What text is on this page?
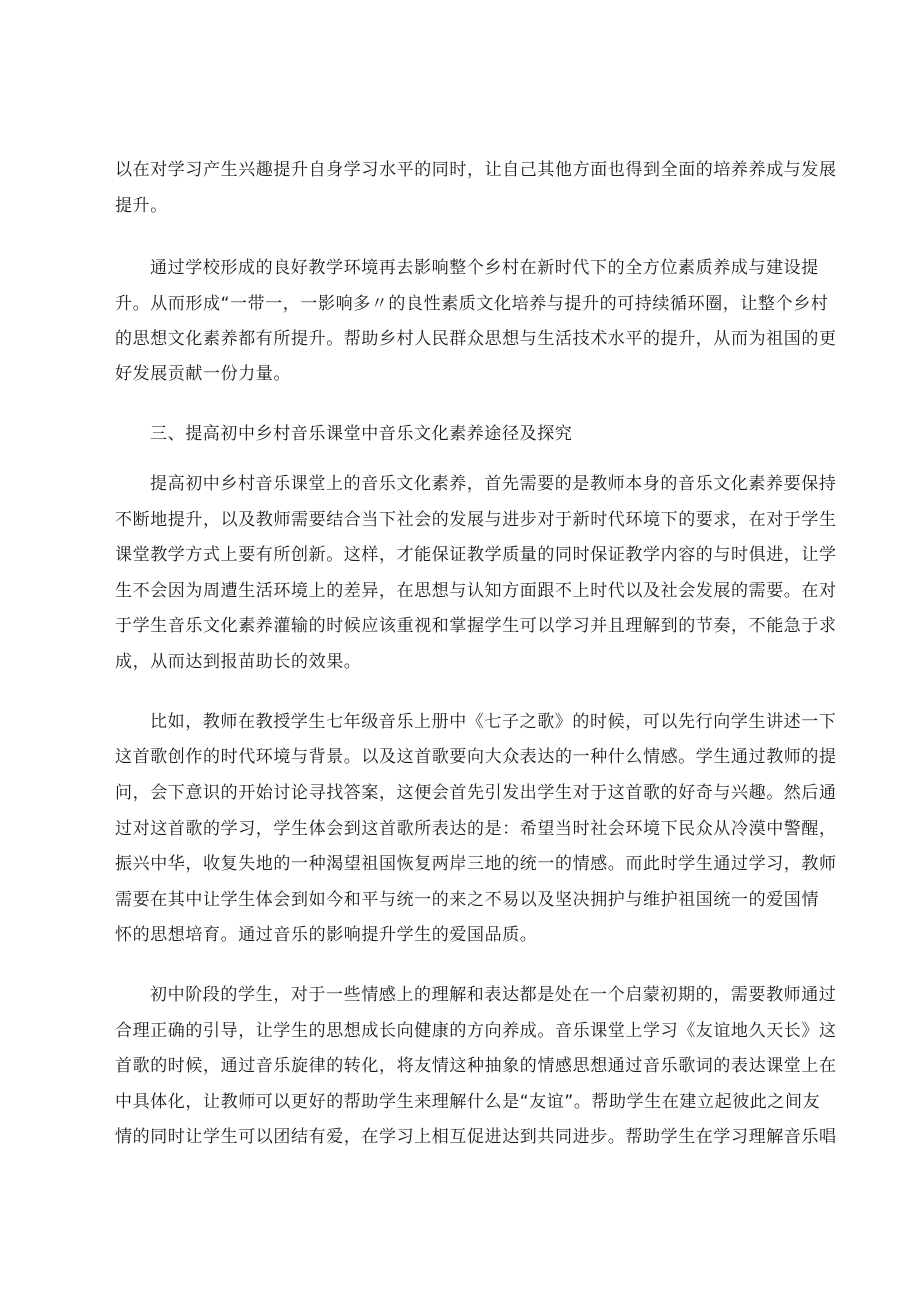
以在对学习产生兴趣提升自身学习水平的同时，让自己其他方面也得到全面的培养养成与发展

提升。

通过学校形成的良好教学环境再去影响整个乡村在新时代下的全方位素质养成与建设提

升。从而形成“一带一，一影响多〃的良性素质文化培养与提升的可持续循环圈，让整个乡村

的思想文化素养都有所提升。帮助乡村人民群众思想与生活技术水平的提升，从而为祖国的更

好发展贡献一份力量。

三、提高初中乡村音乐课堂中音乐文化素养途径及探究

提高初中乡村音乐课堂上的音乐文化素养，首先需要的是教师本身的音乐文化素养要保持

不断地提升，以及教师需要结合当下社会的发展与进步对于新时代环境下的要求，在对于学生

课堂教学方式上要有所创新。这样，才能保证教学质量的同时保证教学内容的与时俱进，让学

生不会因为周遭生活环境上的差异，在思想与认知方面跟不上时代以及社会发展的需要。在对

于学生音乐文化素养灌输的时候应该重视和掌握学生可以学习并且理解到的节奏，不能急于求

成，从而达到报苗助长的效果。

比如，教师在教授学生七年级音乐上册中《七子之歌》的时候，可以先行向学生讲述一下

这首歌创作的时代环境与背景。以及这首歌要向大众表达的一种什么情感。学生通过教师的提

问，会下意识的开始讨论寻找答案，这便会首先引发出学生对于这首歌的好奇与兴趣。然后通

过对这首歌的学习，学生体会到这首歌所表达的是：希望当时社会环境下民众从冷漠中警醒，

振兴中华，收复失地的一种渴望祖国恢复两岸三地的统一的情感。而此时学生通过学习，教师

需要在其中让学生体会到如今和平与统一的来之不易以及坚决拥护与维护祖国统一的爱国情

怀的思想培育。通过音乐的影响提升学生的爱国品质。

初中阶段的学生，对于一些情感上的理解和表达都是处在一个启蒙初期的，需要教师通过

合理正确的引导，让学生的思想成长向健康的方向养成。音乐课堂上学习《友谊地久天长》这

首歌的时候，通过音乐旋律的转化，将友情这种抽象的情感思想通过音乐歌词的表达课堂上在

中具体化，让教师可以更好的帮助学生来理解什么是“友谊”。帮助学生在建立起彼此之间友

情的同时让学生可以团结有爱，在学习上相互促进达到共同进步。帮助学生在学习理解音乐唱
